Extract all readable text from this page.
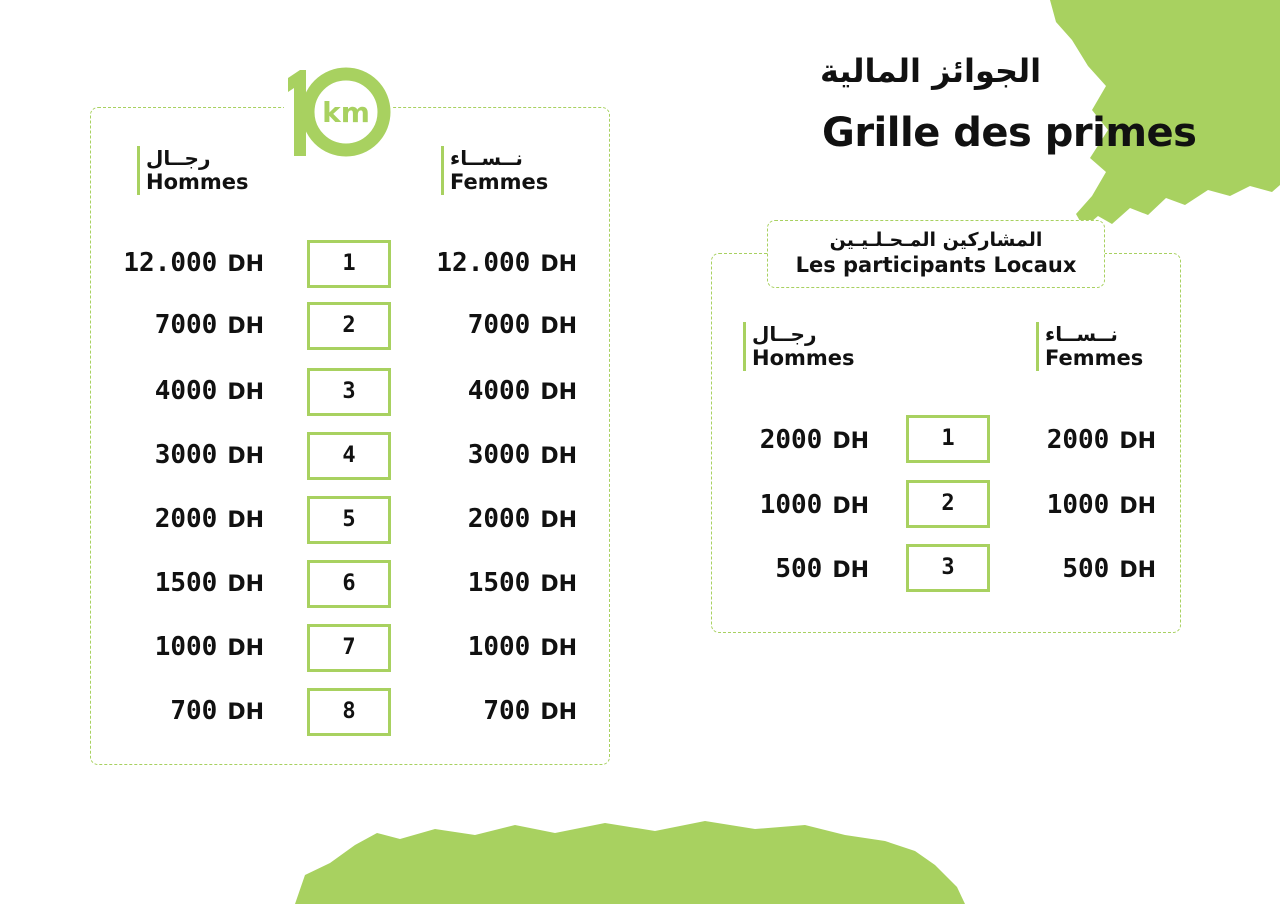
الجوائز المالية
Grille des primes
km
رجــال
Hommes
نــســاء
Femmes
12.000 DH	1	12.000 DH
7000 DH	2	7000 DH
4000 DH	3	4000 DH
3000 DH	4	3000 DH
2000 DH	5	2000 DH
1500 DH	6	1500 DH
1000 DH	7	1000 DH
700 DH	8	700 DH
المشاركين المـحـلـيـين
Les participants Locaux
رجــال
Hommes
نــســاء
Femmes
2000 DH	1	2000 DH
1000 DH	2	1000 DH
500 DH	3	500 DH
